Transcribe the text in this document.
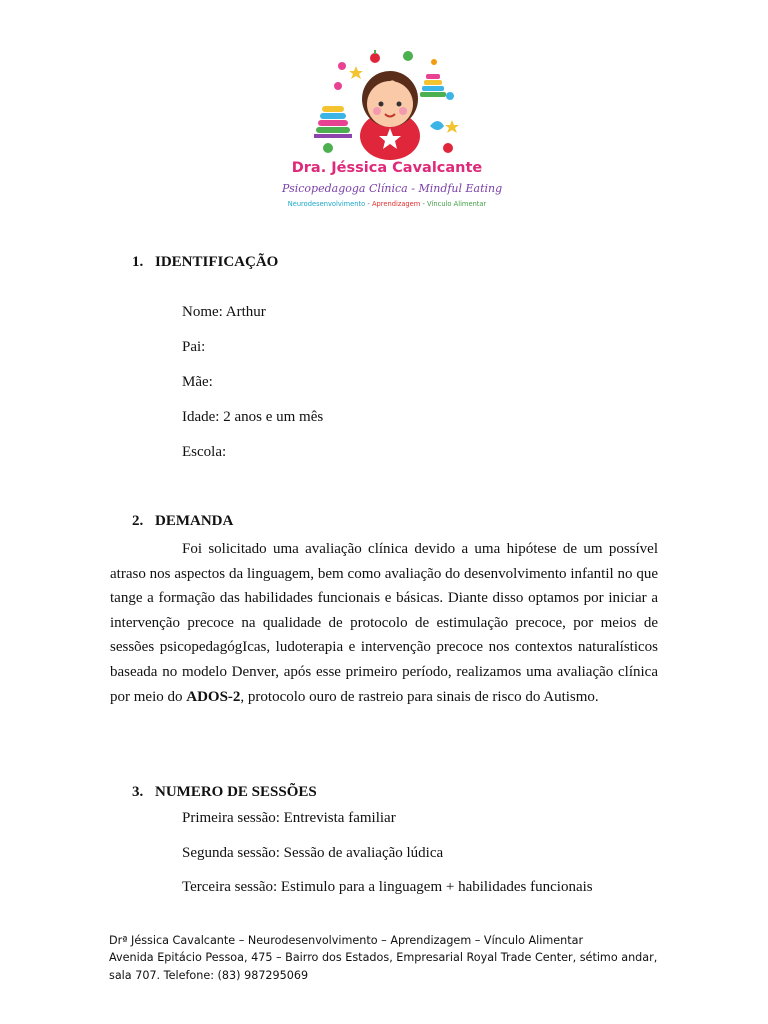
Dra. Jéssica Cavalcante
Psicopedagoga Clínica - Mindful Eating
Neurodesenvolvimento - Aprendizagem - Vínculo Alimentar
1. IDENTIFICAÇÃO
Nome: Arthur
Pai:
Mãe:
Idade: 2 anos e um mês
Escola:
2. DEMANDA

Foi solicitado uma avaliação clínica devido a uma hipótese de um possível atraso nos aspectos da linguagem, bem como avaliação do desenvolvimento infantil no que tange a formação das habilidades funcionais e básicas. Diante disso optamos por iniciar a intervenção precoce na qualidade de protocolo de estimulação precoce, por meios de sessões psicopedagógIcas, ludoterapia e intervenção precoce nos contextos naturalísticos baseada no modelo Denver, após esse primeiro período, realizamos uma avaliação clínica por meio do ADOS-2, protocolo ouro de rastreio para sinais de risco do Autismo.

3. NUMERO DE SESSÕES
Primeira sessão: Entrevista familiar
Segunda sessão: Sessão de avaliação lúdica
Terceira sessão: Estimulo para a linguagem + habilidades funcionais
Drª Jéssica Cavalcante – Neurodesenvolvimento – Aprendizagem – Vínculo Alimentar
Avenida Epitácio Pessoa, 475 – Bairro dos Estados, Empresarial Royal Trade Center, sétimo andar, sala 707. Telefone: (83) 987295069
